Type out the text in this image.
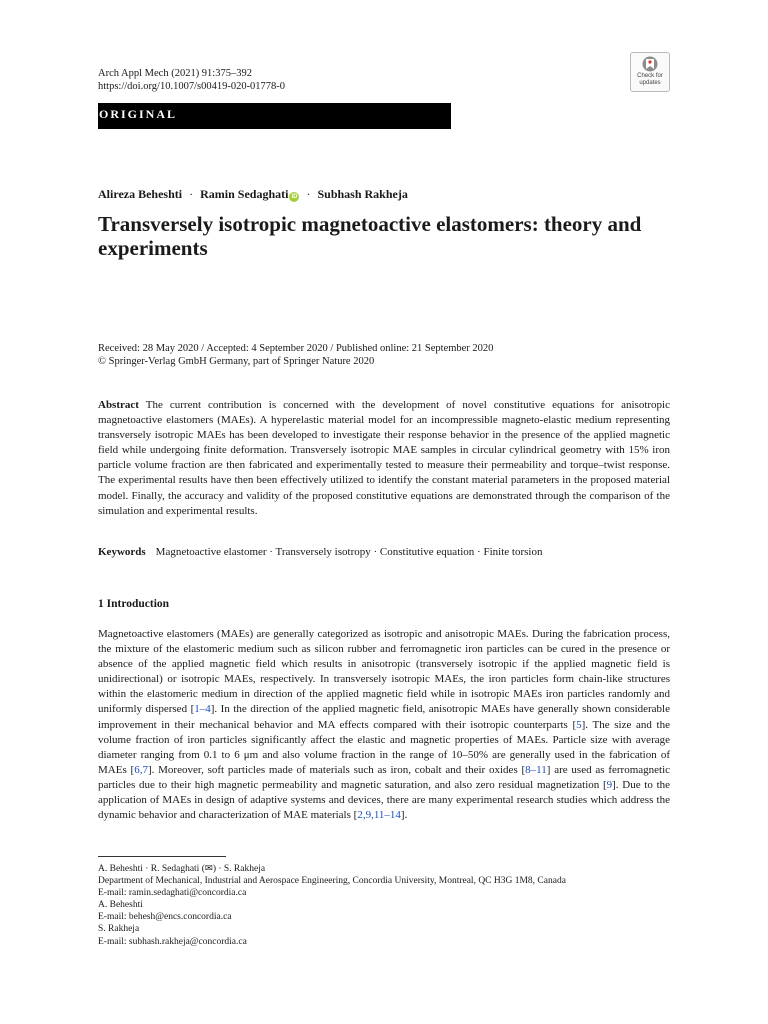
Arch Appl Mech (2021) 91:375–392
https://doi.org/10.1007/s00419-020-01778-0
Check for
updates
ORIGINAL
Alireza Beheshti · Ramin Sedaghati iD · Subhash Rakheja
Transversely isotropic magnetoactive elastomers: theory and experiments
Received: 28 May 2020 / Accepted: 4 September 2020 / Published online: 21 September 2020
© Springer-Verlag GmbH Germany, part of Springer Nature 2020

Abstract The current contribution is concerned with the development of novel constitutive equations for anisotropic magnetoactive elastomers (MAEs). A hyperelastic material model for an incompressible magneto-elastic medium representing transversely isotropic MAEs has been developed to investigate their response behavior in the presence of the applied magnetic field while undergoing finite deformation. Transversely isotropic MAE samples in circular cylindrical geometry with 15% iron particle volume fraction are then fabricated and experimentally tested to measure their permeability and torque–twist response. The experimental results have then been effectively utilized to identify the constant material parameters in the proposed material model. Finally, the accuracy and validity of the proposed constitutive equations are demonstrated through the comparison of the simulation and experimental results.

Keywords Magnetoactive elastomer · Transversely isotropy · Constitutive equation · Finite torsion
1 Introduction

Magnetoactive elastomers (MAEs) are generally categorized as isotropic and anisotropic MAEs. During the fabrication process, the mixture of the elastomeric medium such as silicon rubber and ferromagnetic iron particles can be cured in the presence or absence of the applied magnetic field which results in anisotropic (transversely isotropic if the applied magnetic field is unidirectional) or isotropic MAEs, respectively. In transversely isotropic MAEs, the iron particles form chain-like structures within the elastomeric medium in direction of the applied magnetic field while in isotropic MAEs iron particles randomly and uniformly dispersed [1–4]. In the direction of the applied magnetic field, anisotropic MAEs have generally shown considerable improvement in their mechanical behavior and MA effects compared with their isotropic counterparts [5]. The size and the volume fraction of iron particles significantly affect the elastic and magnetic properties of MAEs. Particle size with average diameter ranging from 0.1 to 6 μm and also volume fraction in the range of 10–50% are generally used in the fabrication of MAEs [6,7]. Moreover, soft particles made of materials such as iron, cobalt and their oxides [8–11] are used as ferromagnetic particles due to their high magnetic permeability and magnetic saturation, and also zero residual magnetization [9]. Due to the application of MAEs in design of adaptive systems and devices, there are many experimental research studies which address the dynamic behavior and characterization of MAE materials [2,9,11–14].

A. Beheshti · R. Sedaghati (✉) · S. Rakheja
Department of Mechanical, Industrial and Aerospace Engineering, Concordia University, Montreal, QC H3G 1M8, Canada
E-mail: ramin.sedaghati@concordia.ca
A. Beheshti
E-mail: behesh@encs.concordia.ca
S. Rakheja
E-mail: subhash.rakheja@concordia.ca
